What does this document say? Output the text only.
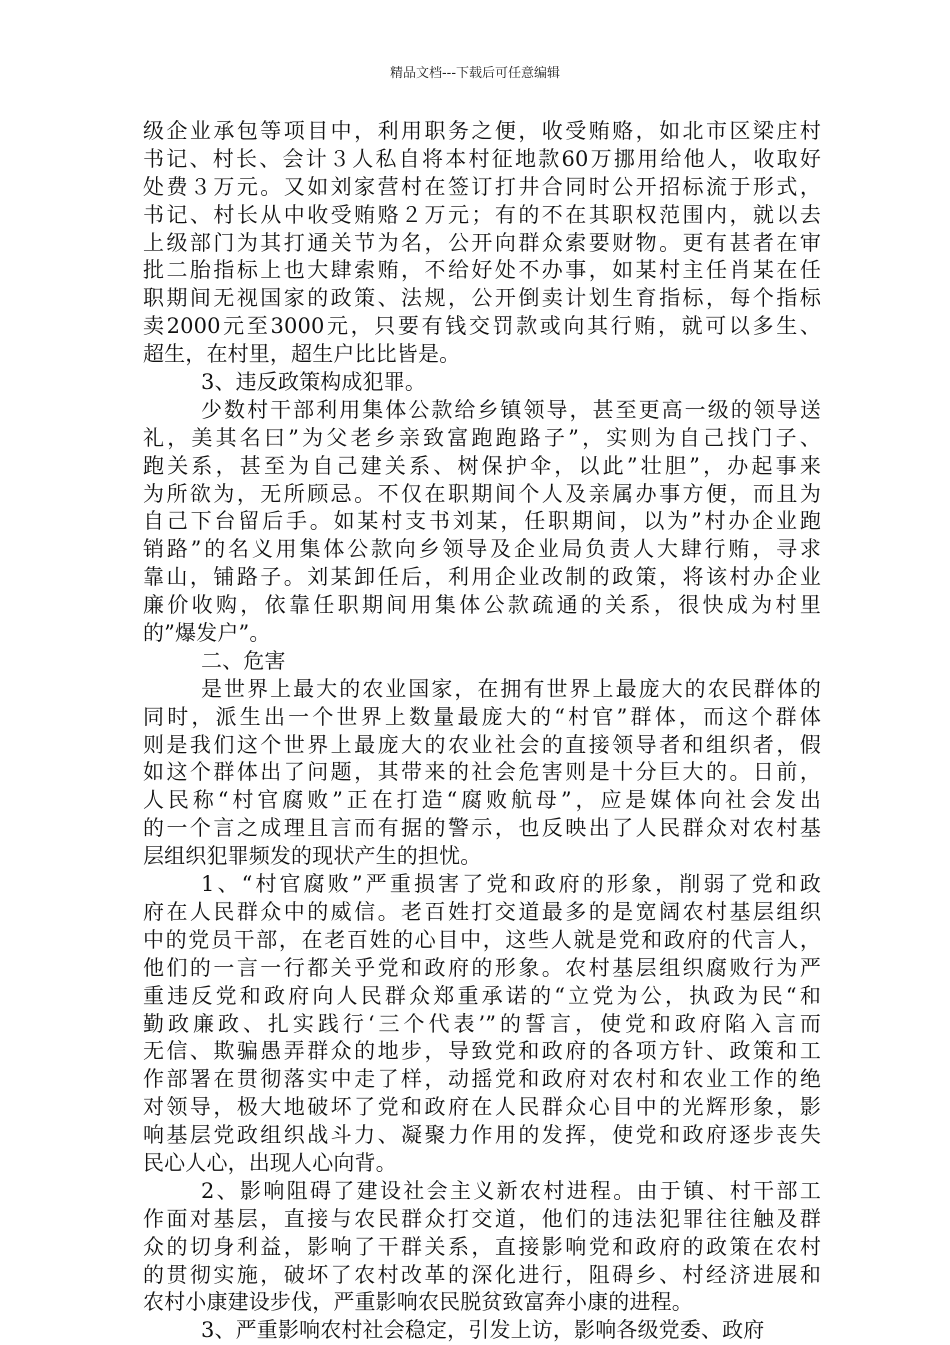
精品文档---下载后可任意编辑
级企业承包等项目中，利用职务之便，收受贿赂，如北市区梁庄村
书记、村长、会计３人私自将本村征地款60万挪用给他人，收取好
处费３万元。又如刘家营村在签订打井合同时公开招标流于形式，
书记、村长从中收受贿赂２万元；有的不在其职权范围内，就以去
上级部门为其打通关节为名，公开向群众索要财物。更有甚者在审
批二胎指标上也大肆索贿，不给好处不办事，如某村主任肖某在任
职期间无视国家的政策、法规，公开倒卖计划生育指标，每个指标
卖2000元至3000元，只要有钱交罚款或向其行贿，就可以多生、
超生，在村里，超生户比比皆是。
3、违反政策构成犯罪。
少数村干部利用集体公款给乡镇领导，甚至更高一级的领导送
礼，美其名曰”为父老乡亲致富跑跑路子”，实则为自己找门子、
跑关系，甚至为自己建关系、树保护伞，以此”壮胆”，办起事来
为所欲为，无所顾忌。不仅在职期间个人及亲属办事方便，而且为
自己下台留后手。如某村支书刘某，任职期间，以为”村办企业跑
销路”的名义用集体公款向乡领导及企业局负责人大肆行贿，寻求
靠山，铺路子。刘某卸任后，利用企业改制的政策，将该村办企业
廉价收购，依靠任职期间用集体公款疏通的关系，很快成为村里
的”爆发户”。
二、危害
是世界上最大的农业国家，在拥有世界上最庞大的农民群体的
同时，派生出一个世界上数量最庞大的“村官”群体，而这个群体
则是我们这个世界上最庞大的农业社会的直接领导者和组织者，假
如这个群体出了问题，其带来的社会危害则是十分巨大的。日前，
人民称“村官腐败”正在打造“腐败航母”，应是媒体向社会发出
的一个言之成理且言而有据的警示，也反映出了人民群众对农村基
层组织犯罪频发的现状产生的担忧。
1、“村官腐败”严重损害了党和政府的形象，削弱了党和政
府在人民群众中的威信。老百姓打交道最多的是宽阔农村基层组织
中的党员干部，在老百姓的心目中，这些人就是党和政府的代言人，
他们的一言一行都关乎党和政府的形象。农村基层组织腐败行为严
重违反党和政府向人民群众郑重承诺的“立党为公，执政为民“和
勤政廉政、扎实践行‘三个代表’”的誓言，使党和政府陷入言而
无信、欺骗愚弄群众的地步，导致党和政府的各项方针、政策和工
作部署在贯彻落实中走了样，动摇党和政府对农村和农业工作的绝
对领导，极大地破坏了党和政府在人民群众心目中的光辉形象，影
响基层党政组织战斗力、凝聚力作用的发挥，使党和政府逐步丧失
民心人心，出现人心向背。
2、影响阻碍了建设社会主义新农村进程。由于镇、村干部工
作面对基层，直接与农民群众打交道，他们的违法犯罪往往触及群
众的切身利益，影响了干群关系，直接影响党和政府的政策在农村
的贯彻实施，破坏了农村改革的深化进行，阻碍乡、村经济进展和
农村小康建设步伐，严重影响农民脱贫致富奔小康的进程。
3、严重影响农村社会稳定，引发上访，影响各级党委、政府
